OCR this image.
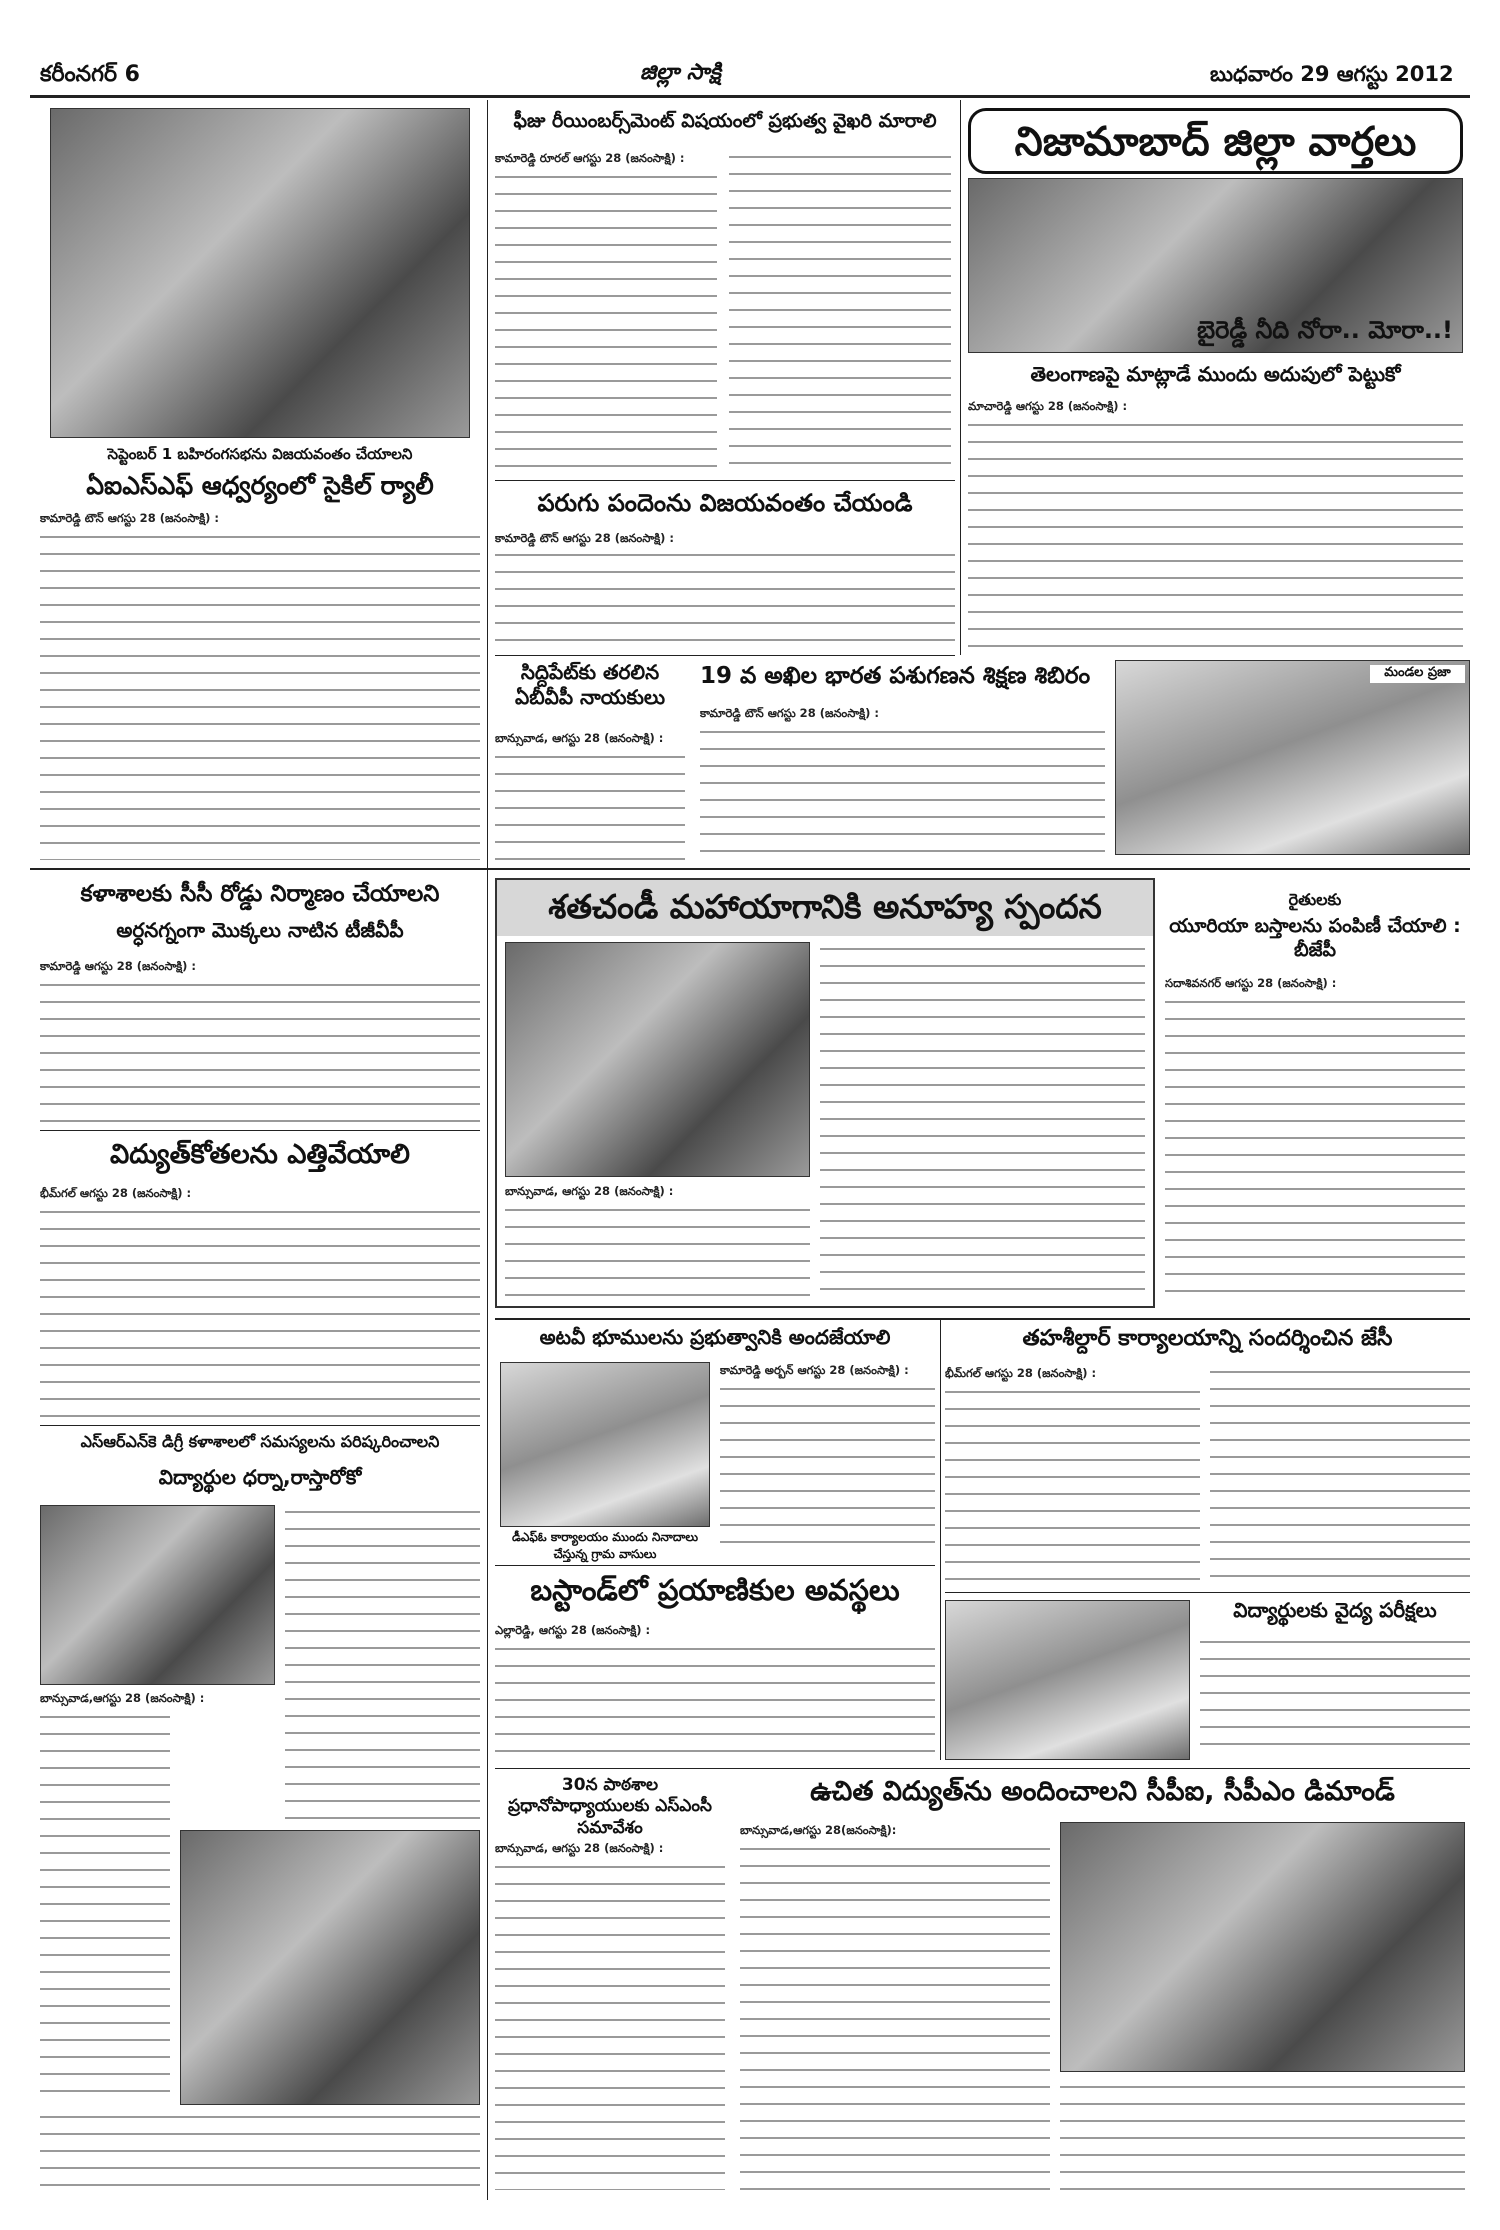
కరీంనగర్ 6	జిల్లా సాక్షి	బుధవారం 29 ఆగస్టు 2012
సెప్టెంబర్ 1 బహిరంగసభను విజయవంతం చేయాలని
ఏఐఎస్ఎఫ్ ఆధ్వర్యంలో సైకిల్ ర్యాలీ
కామారెడ్డి టౌన్ ఆగస్టు 28 (జనంసాక్షి) :
ఫీజు రీయింబర్స్‌మెంట్ విషయంలో ప్రభుత్వ వైఖరి మారాలి
కామారెడ్డి రూరల్ ఆగస్టు 28 (జనంసాక్షి) :
పరుగు పందెంను విజయవంతం చేయండి
కామారెడ్డి టౌన్ ఆగస్టు 28 (జనంసాక్షి) :
సిద్దిపేట్‌కు తరలిన ఏబీవీపీ నాయకులు
బాన్సువాడ, ఆగస్టు 28 (జనంసాక్షి) :
19 వ అఖిల భారత పశుగణన శిక్షణ శిబిరం	మండల ప్రజా
కామారెడ్డి టౌన్ ఆగస్టు 28 (జనంసాక్షి) :
నిజామాబాద్ జిల్లా వార్తలు
బైరెడ్డీ నీది నోరా.. మోరా..!
తెలంగాణపై మాట్లాడే ముందు అదుపులో పెట్టుకో
మాచారెడ్డి ఆగస్టు 28 (జనంసాక్షి) :
కళాశాలకు సీసీ రోడ్డు నిర్మాణం చేయాలని
అర్ధనగ్నంగా మొక్కలు నాటిన టీజీవీపీ
కామారెడ్డి ఆగస్టు 28 (జనంసాక్షి) :
విద్యుత్‌కోతలను ఎత్తివేయాలి
భీమ్‌గల్ ఆగస్టు 28 (జనంసాక్షి) :
ఎస్ఆర్ఎన్‌కె డిగ్రీ కళాశాలలో సమస్యలను పరిష్కరించాలని
విద్యార్థుల ధర్నా,రాస్తారోకో
బాన్సువాడ,ఆగస్టు 28 (జనంసాక్షి) :
శతచండీ మహాయాగానికి అనూహ్య స్పందన
బాన్సువాడ, ఆగస్టు 28 (జనంసాక్షి) :
రైతులకు
యూరియా బస్తాలను పంపిణీ చేయాలి : బీజేపీ
సదాశివనగర్ ఆగస్టు 28 (జనంసాక్షి) :
అటవీ భూములను ప్రభుత్వానికి అందజేయాలి
డీఎఫ్‌ఓ కార్యాలయం ముందు నినాదాలు చేస్తున్న గ్రామ వాసులు
కామారెడ్డి అర్బన్ ఆగస్టు 28 (జనంసాక్షి) :
బస్టాండ్‌లో ప్రయాణికుల అవస్థలు
ఎల్లారెడ్డి, ఆగస్టు 28 (జనంసాక్షి) :
30న పాఠశాల ప్రధానోపాధ్యాయులకు ఎస్ఎంసీ సమావేశం
బాన్సువాడ, ఆగస్టు 28 (జనంసాక్షి) :
తహశీల్దార్ కార్యాలయాన్ని సందర్శించిన జేసీ
భీమ్‌గల్ ఆగస్టు 28 (జనంసాక్షి) :
విద్యార్థులకు వైద్య పరీక్షలు
ఉచిత విద్యుత్‌ను అందించాలని సీపీఐ, సీపీఎం డిమాండ్
బాన్సువాడ,ఆగస్టు 28(జనంసాక్షి):
